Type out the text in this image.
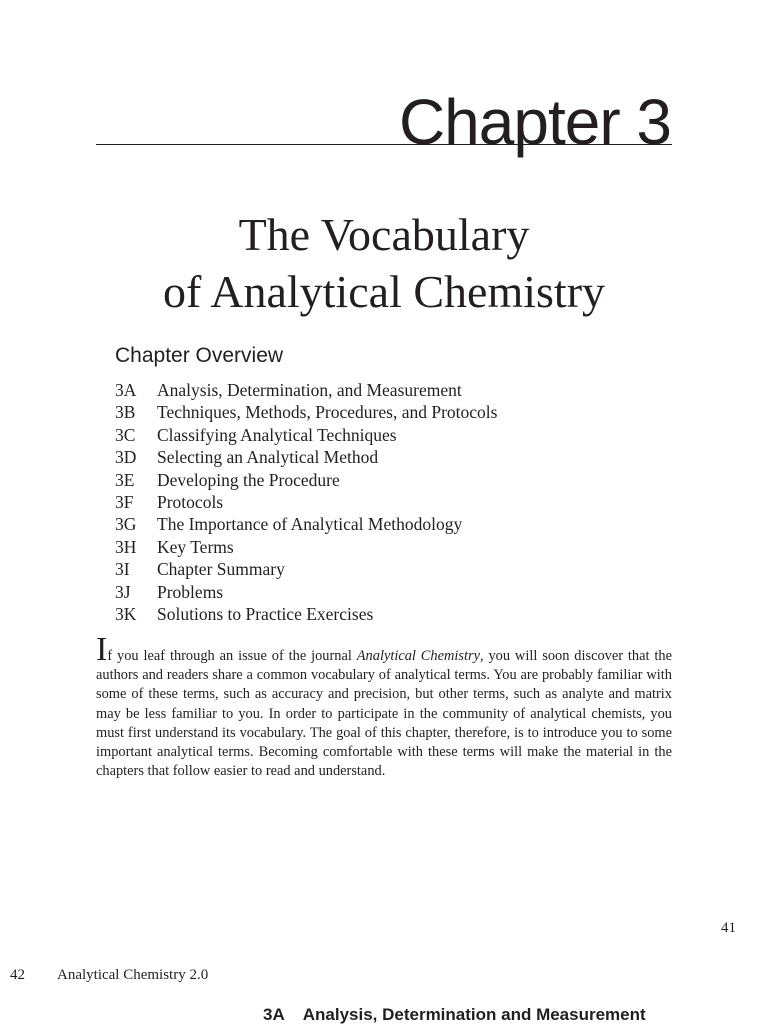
Chapter 3
The Vocabulary
of Analytical Chemistry
Chapter Overview
3A	Analysis, Determination, and Measurement
3B	Techniques, Methods, Procedures, and Protocols
3C	Classifying Analytical Techniques
3D	Selecting an Analytical Method
3E	Developing the Procedure
3F	Protocols
3G	The Importance of Analytical Methodology
3H	Key Terms
3I	Chapter Summary
3J	Problems
3K	Solutions to Practice Exercises

If you leaf through an issue of the journal Analytical Chemistry, you will soon discover that the authors and readers share a common vocabulary of analytical terms. You are probably familiar with some of these terms, such as accuracy and precision, but other terms, such as analyte and matrix may be less familiar to you. In order to participate in the community of analytical chemists, you must first understand its vocabulary. The goal of this chapter, therefore, is to introduce you to some important analytical terms. Becoming comfortable with these terms will make the material in the chapters that follow easier to read and understand.

41
42 Analytical Chemistry 2.0
3A Analysis, Determination and Measurement
